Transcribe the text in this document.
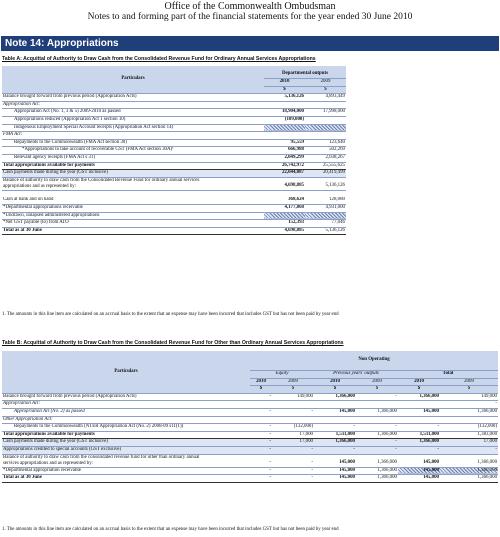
Office of the Commonwealth Ombudsman
Notes to and forming part of the financial statements for the year ended 30 June 2010
Note 14: Appropriations
Table A: Acquittal of Authority to Draw Cash from the Consolidated Revenue Fund for Ordinary Annual Services Appropriations
Particulars	Departmental outputs	
	2010	2009
	$	$
Balance brought forward from previous period (Appropriation Acts)	5,136,126	4,893,449
Appropriation Act:		
Appropriation Act (No. 1, 3 & 5) 2009-2010 as passed	18,904,000	17,998,000
Appropriations reduced (Appropriation Act 1 section 10)	(109,000)	
Indigenous Employment Special Account receipts (Appropriation Act section 14)		
FMA Act:		
Repayments to the Commonwealth (FMA Act section 30)	95,559	123,640
*Appropriations to take account of recoverable GST (FMA Act section 30A)¹	666,988	502,269
Relevant agency receipts (FMA Act s 31)	2,049,299	2,038,267
Total appropriations available for payments	26,742,972	25,555,625
Cash payments made during the year (GST inclusive)	22,044,087	20,419,499
Balance of authority to draw cash from the Consolidated Revenue Fund for ordinary annual services
appropriations and as represented by:	4,698,885	5,136,126

Cash at bank and on hand	368,624	128,080
*Departmental appropriations receivable	4,177,868	4,931,000
*Undrawn, unlapsed administered appropriations		
*Net GST payable (to) from ATO	152,393	77,046
Total as at 30 June	4,698,885	5,136,126
1. The amounts in this line item are calculated on an accrual basis to the extent that an expense may have been incurred that includes GST but has not been paid by year end
Table B: Acquittal of Authority to Draw Cash from the Consolidated Revenue Fund for Other than Ordinary Annual Services Appropriations
Particulars	Non Operating					
	Equity		Previous years' outputs		Total	
	2010	2009	2010	2009	2010	2009
	$	$	$	$	$	$
Balance brought forward from previous period (Appropriation Acts)	-	149,000	1,366,000	-	1,366,000	149,000
Appropriation Act:						-
Appropriation Act (No. 2) as passed	-	-	145,000	1,366,000	145,000	1,366,000
Other Appropriation Act:						
Repayments to the Commonwealth (NTER Appropriation Act (No. 2) 2008-09 s11(1))	-	(132,000)	-	-	-	(132,000)
Total appropriations available for payments	-	17,000	1,511,000	1,366,000	1,511,000	1,383,000
Cash payments made during the year (GST inclusive)	-	17,000	1,366,000	-	1,366,000	17,000
Appropriations credited to special accounts (GST exclusive)	-	-	-	-	-	-
Balance of authority to draw cash from the consolidated revenue fund for other than ordinary annual
services appropriations and as represented by:	-	-	145,000	1,366,000	145,000	1,366,000
*Departmental appropriation receivable	-	-	145,000	1,366,000	145,000	1,366,000
Total as at 30 June	-	-	145,000	1,366,000	145,000	1,366,000
1. The amounts in this line item are calculated on an accrual basis to the extent that an expense may have been incurred that includes GST but has not been paid by year end
